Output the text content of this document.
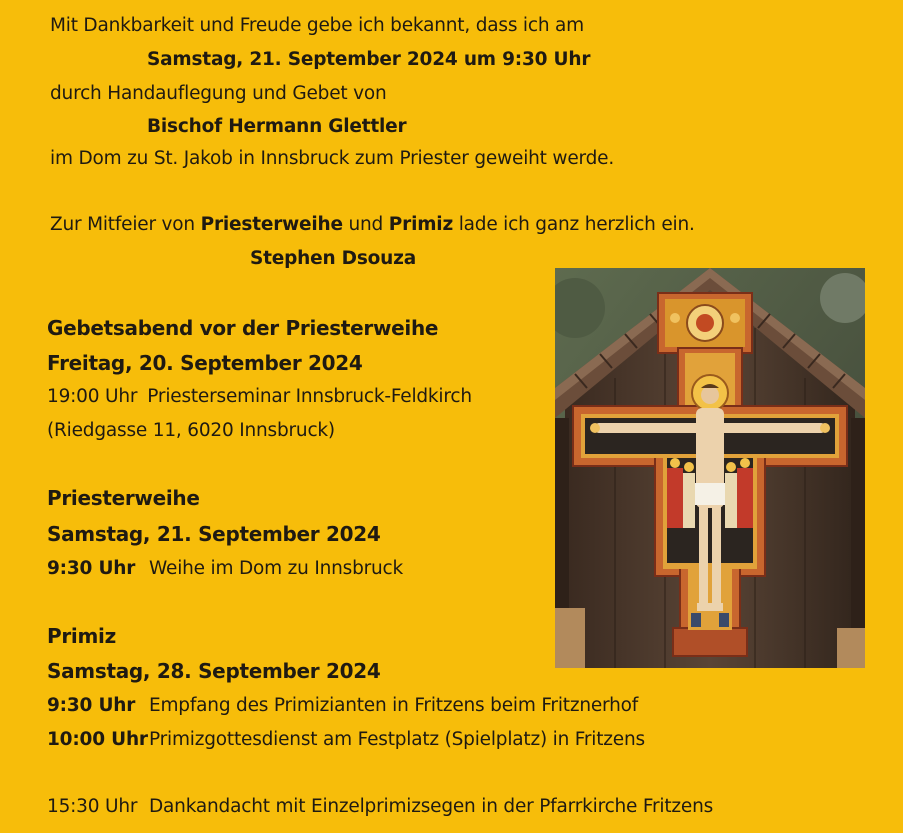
Mit Dankbarkeit und Freude gebe ich bekannt, dass ich am
Samstag, 21. September 2024 um 9:30 Uhr
durch Handauflegung und Gebet von
Bischof Hermann Glettler
im Dom zu St. Jakob in Innsbruck zum Priester geweiht werde.
Zur Mitfeier von Priesterweihe und Primiz lade ich ganz herzlich ein.
Stephen Dsouza
Gebetsabend vor der Priesterweihe
Freitag, 20. September 2024
19:00 Uhr Priesterseminar Innsbruck-Feldkirch
(Riedgasse 11, 6020 Innsbruck)
Priesterweihe
Samstag, 21. September 2024
9:30 Uhr Weihe im Dom zu Innsbruck
Primiz
Samstag, 28. September 2024
9:30 Uhr Empfang des Primizianten in Fritzens beim Fritznerhof
10:00 UhrPrimizgottesdienst am Festplatz (Spielplatz) in Fritzens
15:30 Uhr Dankandacht mit Einzelprimizsegen in der Pfarrkirche Fritzens
